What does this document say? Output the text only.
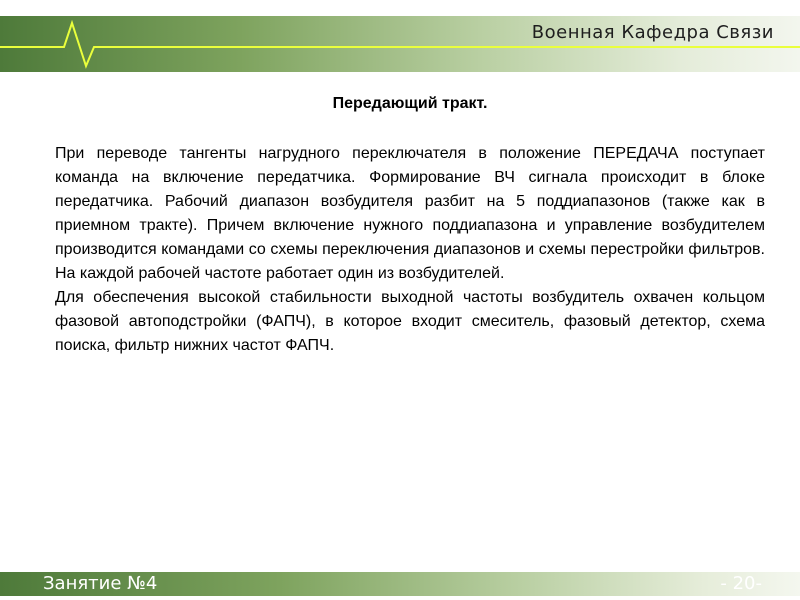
Военная Кафедра Связи
Передающий тракт.

При переводе тангенты нагрудного переключателя в положение ПЕРЕДАЧА поступает команда на включение передатчика. Формирование ВЧ сигнала происходит в блоке передатчика. Рабочий диапазон возбудителя разбит на 5 поддиапазонов (также как в приемном тракте). Причем включение нужного поддиапазона и управление возбудителем производится командами со схемы переключения диапазонов и схемы перестройки фильтров. На каждой рабочей частоте работает один из возбудителей.

Для обеспечения высокой стабильности выходной частоты возбудитель охвачен кольцом фазовой автоподстройки (ФАПЧ), в которое входит смеситель, фазовый детектор, схема поиска, фильтр нижних частот ФАПЧ.

Занятие №4	- 20-
